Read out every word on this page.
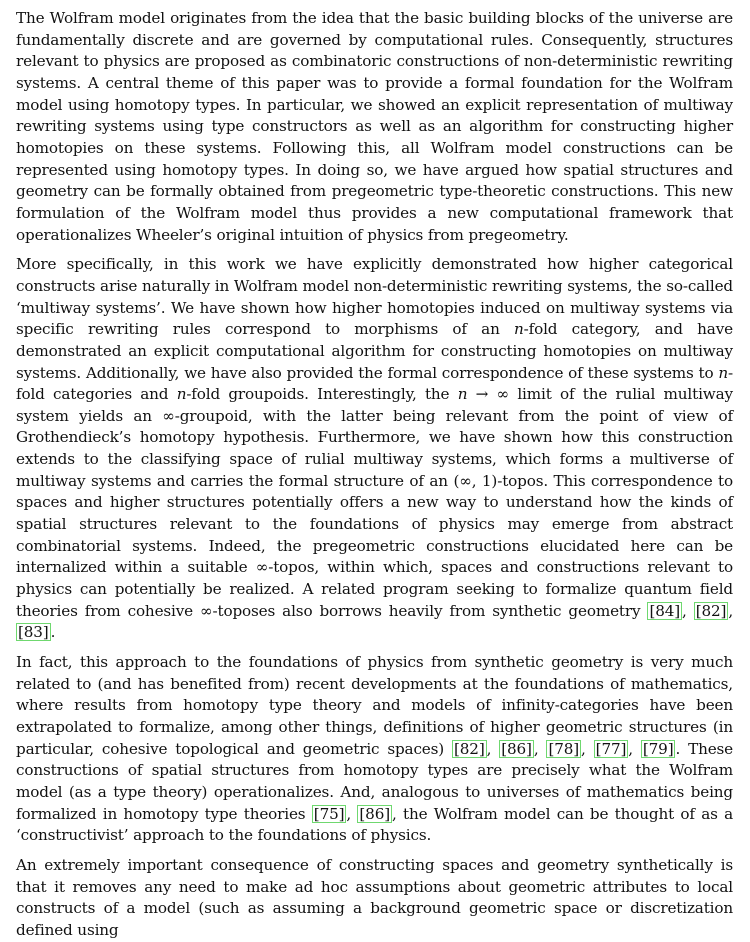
The Wolfram model originates from the idea that the basic building blocks of the universe are fundamentally discrete and are governed by computational rules. Consequently, structures relevant to physics are proposed as combinatoric constructions of non-deterministic rewriting systems. A central theme of this paper was to provide a formal foundation for the Wolfram model using homotopy types. In particular, we showed an explicit representation of multiway rewriting systems using type constructors as well as an algorithm for constructing higher homotopies on these systems. Following this, all Wolfram model constructions can be represented using homotopy types. In doing so, we have argued how spatial structures and geometry can be formally obtained from pregeometric type-theoretic constructions. This new formulation of the Wolfram model thus provides a new computational framework that operationalizes Wheeler’s original intuition of physics from pregeometry.

More specifically, in this work we have explicitly demonstrated how higher categorical constructs arise naturally in Wolfram model non-deterministic rewriting systems, the so-called ‘multiway systems’. We have shown how higher homotopies induced on multiway systems via specific rewriting rules correspond to morphisms of an n-fold category, and have demonstrated an explicit computational algorithm for constructing homotopies on multiway systems. Additionally, we have also provided the formal correspondence of these systems to n-fold categories and n-fold groupoids. Interestingly, the n → ∞ limit of the rulial multiway system yields an ∞-groupoid, with the latter being relevant from the point of view of Grothendieck’s homotopy hypothesis. Furthermore, we have shown how this construction extends to the classifying space of rulial multiway systems, which forms a multiverse of multiway systems and carries the formal structure of an (∞, 1)-topos. This correspondence to spaces and higher structures potentially offers a new way to understand how the kinds of spatial structures relevant to the foundations of physics may emerge from abstract combinatorial systems. Indeed, the pregeometric constructions elucidated here can be internalized within a suitable ∞-topos, within which, spaces and constructions relevant to physics can potentially be realized. A related program seeking to formalize quantum field theories from cohesive ∞-toposes also borrows heavily from synthetic geometry [84] , [82] , [83] .

In fact, this approach to the foundations of physics from synthetic geometry is very much related to (and has benefited from) recent developments at the foundations of mathematics, where results from homotopy type theory and models of infinity-categories have been extrapolated to formalize, among other things, definitions of higher geometric structures (in particular, cohesive topological and geometric spaces) [82] , [86] , [78] , [77] , [79] . These constructions of spatial structures from homotopy types are precisely what the Wolfram model (as a type theory) operationalizes. And, analogous to universes of mathematics being formalized in homotopy type theories [75] , [86] , the Wolfram model can be thought of as a ‘constructivist’ approach to the foundations of physics.

An extremely important consequence of constructing spaces and geometry synthetically is that it removes any need to make ad hoc assumptions about geometric attributes to local constructs of a model (such as assuming a background geometric space or discretization defined using
